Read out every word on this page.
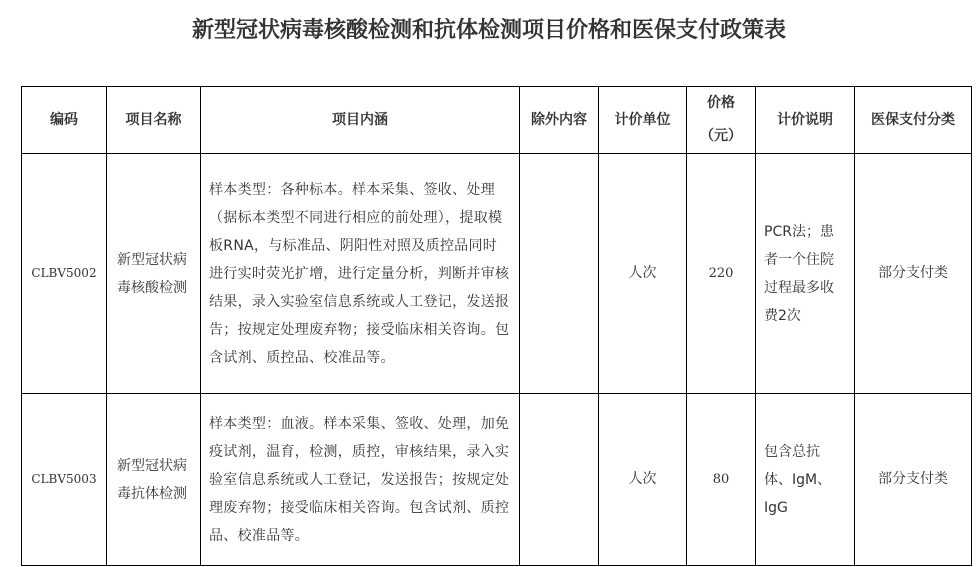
新型冠状病毒核酸检测和抗体检测项目价格和医保支付政策表
编码	项目名称	项目内涵	除外内容	计价单位	价格（元）	计价说明	医保支付分类

CLBV5002	新型冠状病毒核酸检测	样本类型：各种标本。样本采集、签收、处理（据标本类型不同进行相应的前处理），提取模板RNA，与标准品、阴阳性对照及质控品同时进行实时荧光扩增，进行定量分析，判断并审核结果，录入实验室信息系统或人工登记，发送报告；按规定处理废弃物；接受临床相关咨询。包含试剂、质控品、校准品等。		人次	220	PCR法；患者一个住院过程最多收费2次	部分支付类
CLBV5003	新型冠状病毒抗体检测	样本类型：血液。样本采集、签收、处理，加免疫试剂，温育，检测，质控，审核结果，录入实验室信息系统或人工登记，发送报告；按规定处理废弃物；接受临床相关咨询。包含试剂、质控品、校准品等。		人次	80	包含总抗体、IgM、IgG	部分支付类
